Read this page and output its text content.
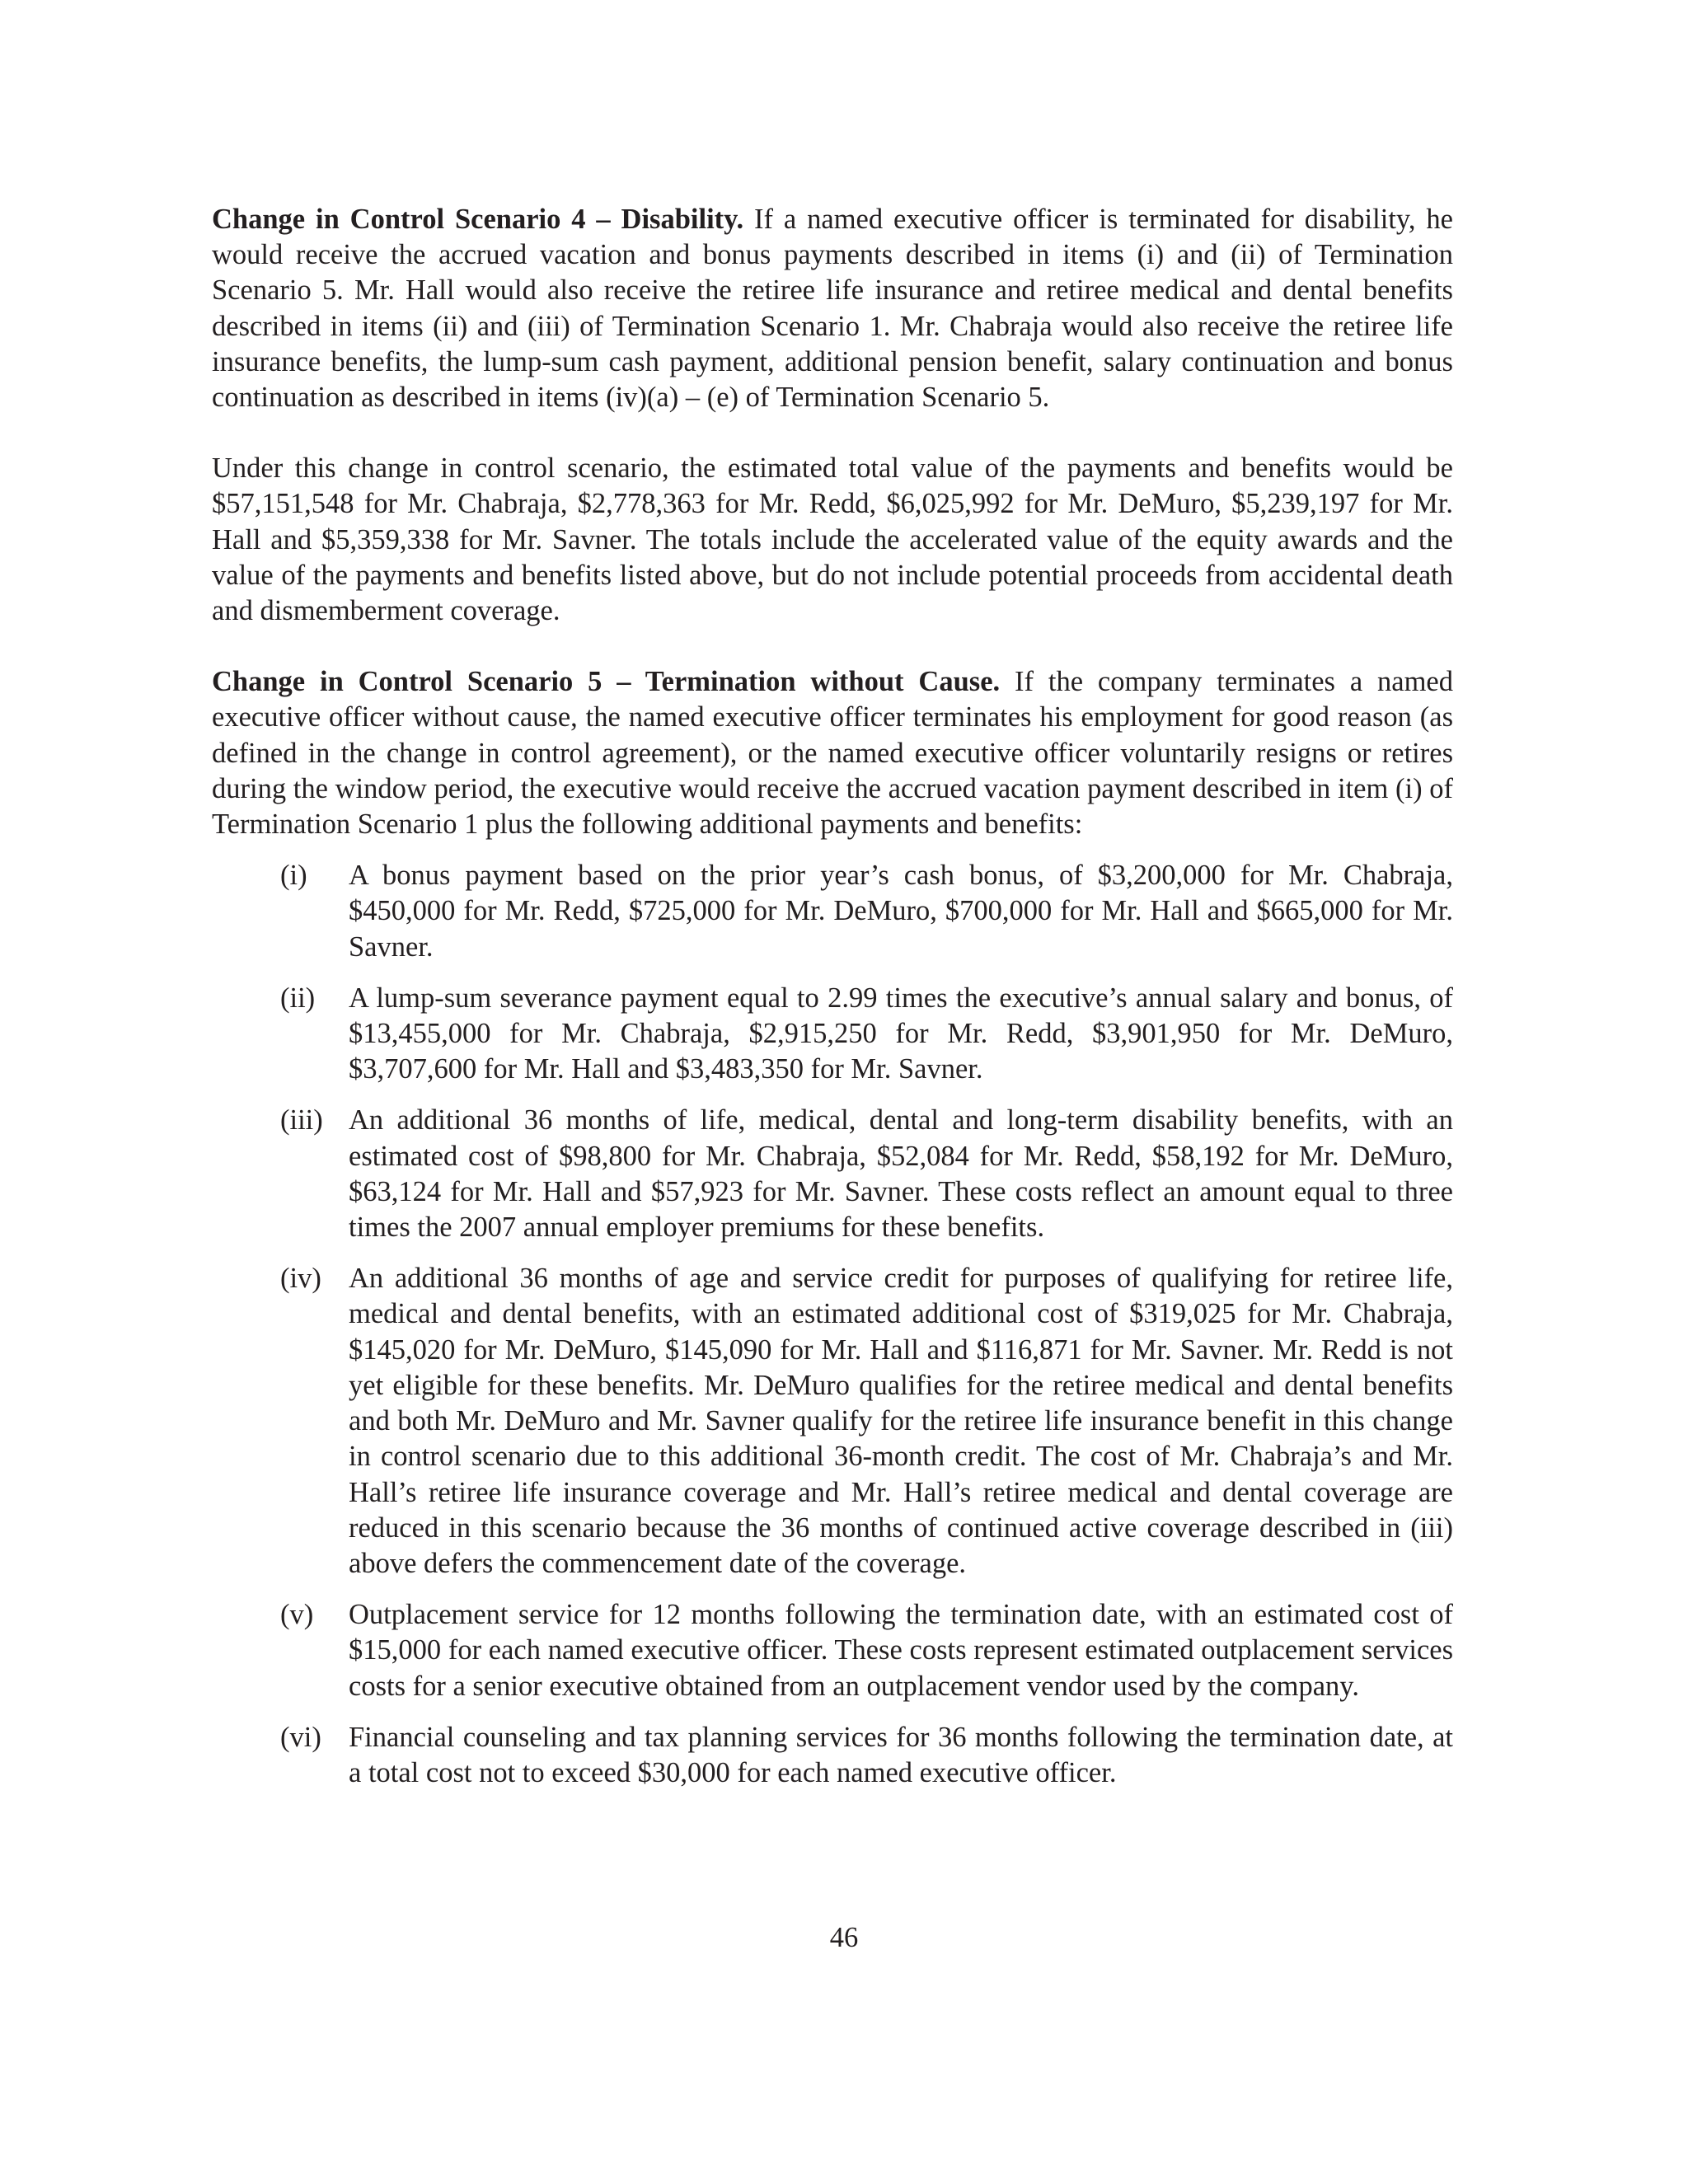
Change in Control Scenario 4 – Disability. If a named executive officer is terminated for disability, he would receive the accrued vacation and bonus payments described in items (i) and (ii) of Termination Scenario 5. Mr. Hall would also receive the retiree life insurance and retiree medical and dental benefits described in items (ii) and (iii) of Termination Scenario 1. Mr. Chabraja would also receive the retiree life insurance benefits, the lump-sum cash payment, additional pension benefit, salary continuation and bonus continuation as described in items (iv)(a) – (e) of Termination Scenario 5.

Under this change in control scenario, the estimated total value of the payments and benefits would be $57,151,548 for Mr. Chabraja, $2,778,363 for Mr. Redd, $6,025,992 for Mr. DeMuro, $5,239,197 for Mr. Hall and $5,359,338 for Mr. Savner. The totals include the accelerated value of the equity awards and the value of the payments and benefits listed above, but do not include potential proceeds from accidental death and dismemberment coverage.

Change in Control Scenario 5 – Termination without Cause. If the company terminates a named executive officer without cause, the named executive officer terminates his employment for good reason (as defined in the change in control agreement), or the named executive officer voluntarily resigns or retires during the window period, the executive would receive the accrued vacation payment described in item (i) of Termination Scenario 1 plus the following additional payments and benefits:

(i)	A bonus payment based on the prior year’s cash bonus, of $3,200,000 for Mr. Chabraja, $450,000 for Mr. Redd, $725,000 for Mr. DeMuro, $700,000 for Mr. Hall and $665,000 for Mr. Savner.
(ii)	A lump-sum severance payment equal to 2.99 times the executive’s annual salary and bonus, of $13,455,000 for Mr. Chabraja, $2,915,250 for Mr. Redd, $3,901,950 for Mr. DeMuro, $3,707,600 for Mr. Hall and $3,483,350 for Mr. Savner.
(iii) An additional 36 months of life, medical, dental and long-term disability benefits, with an estimated cost of $98,800 for Mr. Chabraja, $52,084 for Mr. Redd, $58,192 for Mr. DeMuro, $63,124 for Mr. Hall and $57,923 for Mr. Savner. These costs reflect an amount equal to three times the 2007 annual employer premiums for these benefits.
(iv) An additional 36 months of age and service credit for purposes of qualifying for retiree life, medical and dental benefits, with an estimated additional cost of $319,025 for Mr. Chabraja, $145,020 for Mr. DeMuro, $145,090 for Mr. Hall and $116,871 for Mr. Savner. Mr. Redd is not yet eligible for these benefits. Mr. DeMuro qualifies for the retiree medical and dental benefits and both Mr. DeMuro and Mr. Savner qualify for the retiree life insurance benefit in this change in control scenario due to this additional 36-month credit. The cost of Mr. Chabraja’s and Mr. Hall’s retiree life insurance coverage and Mr. Hall’s retiree medical and dental coverage are reduced in this scenario because the 36 months of continued active coverage described in (iii) above defers the commencement date of the coverage.
(v)	Outplacement service for 12 months following the termination date, with an estimated cost of $15,000 for each named executive officer. These costs represent estimated outplacement services costs for a senior executive obtained from an outplacement vendor used by the company.
(vi) Financial counseling and tax planning services for 36 months following the termination date, at a total cost not to exceed $30,000 for each named executive officer.
46
